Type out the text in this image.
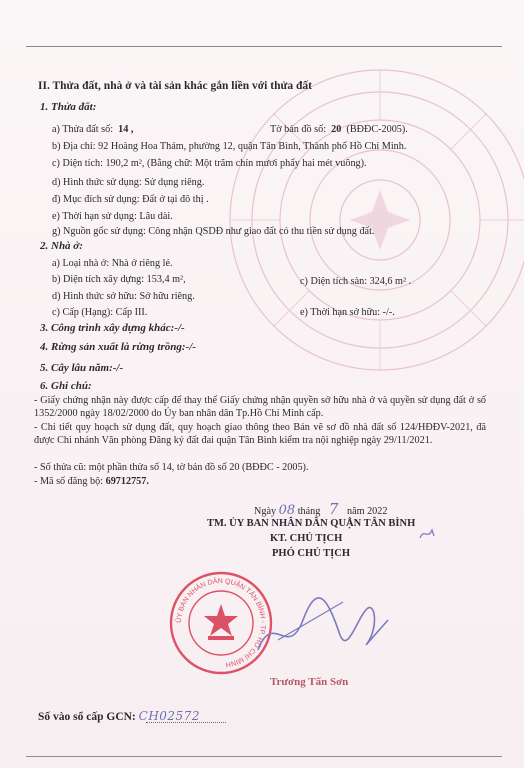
II. Thửa đất, nhà ở và tài sản khác gắn liền với thửa đất
1. Thửa đất:
a) Thửa đất số: 14 ,	Tờ bản đồ số: 20 (BĐĐC-2005).
b) Địa chỉ: 92 Hoàng Hoa Thám, phường 12, quận Tân Bình, Thành phố Hồ Chí Minh.
c) Diện tích: 190,2 m², (Bằng chữ: Một trăm chín mươi phẩy hai mét vuông).
d) Hình thức sử dụng: Sử dụng riêng.
đ) Mục đích sử dụng: Đất ở tại đô thị .
e) Thời hạn sử dụng: Lâu dài.
g) Nguồn gốc sử dụng: Công nhận QSDĐ như giao đất có thu tiền sử dụng đất.
2. Nhà ở:
a) Loại nhà ở: Nhà ở riêng lẻ.
b) Diện tích xây dựng: 153,4 m²,	c) Diện tích sàn: 324,6 m² .
d) Hình thức sở hữu: Sở hữu riêng.
c) Cấp (Hạng): Cấp III.	e) Thời hạn sở hữu: -/-.
3. Công trình xây dựng khác:-/-
4. Rừng sản xuất là rừng trồng:-/-
5. Cây lâu năm:-/-
6. Ghi chú:
- Giấy chứng nhận này được cấp để thay thế Giấy chứng nhận quyền sở hữu nhà ở và quyền sử dụng đất ở số 1352/2000 ngày 18/02/2000 do Ủy ban nhân dân Tp.Hồ Chí Minh cấp.
- Chi tiết quy hoạch sử dụng đất, quy hoạch giao thông theo Bản vẽ sơ đồ nhà đất số 124/HĐĐV-2021, đã được Chi nhánh Văn phòng Đăng ký đất đai quận Tân Bình kiểm tra nội nghiệp ngày 29/11/2021.
- Số thửa cũ: một phần thửa số 14, tờ bản đồ số 20 (BĐĐC - 2005).
- Mã số đăng bộ: 69712757.
Ngày 08 tháng 7 năm 2022
TM. ỦY BAN NHÂN DÂN QUẬN TÂN BÌNH
KT. CHỦ TỊCH
PHÓ CHỦ TỊCH
ỦY BAN NHÂN DÂN QUẬN TÂN BÌNH - TP. HỒ CHÍ MINH
Trương Tấn Sơn
Số vào sổ cấp GCN: CH02572
